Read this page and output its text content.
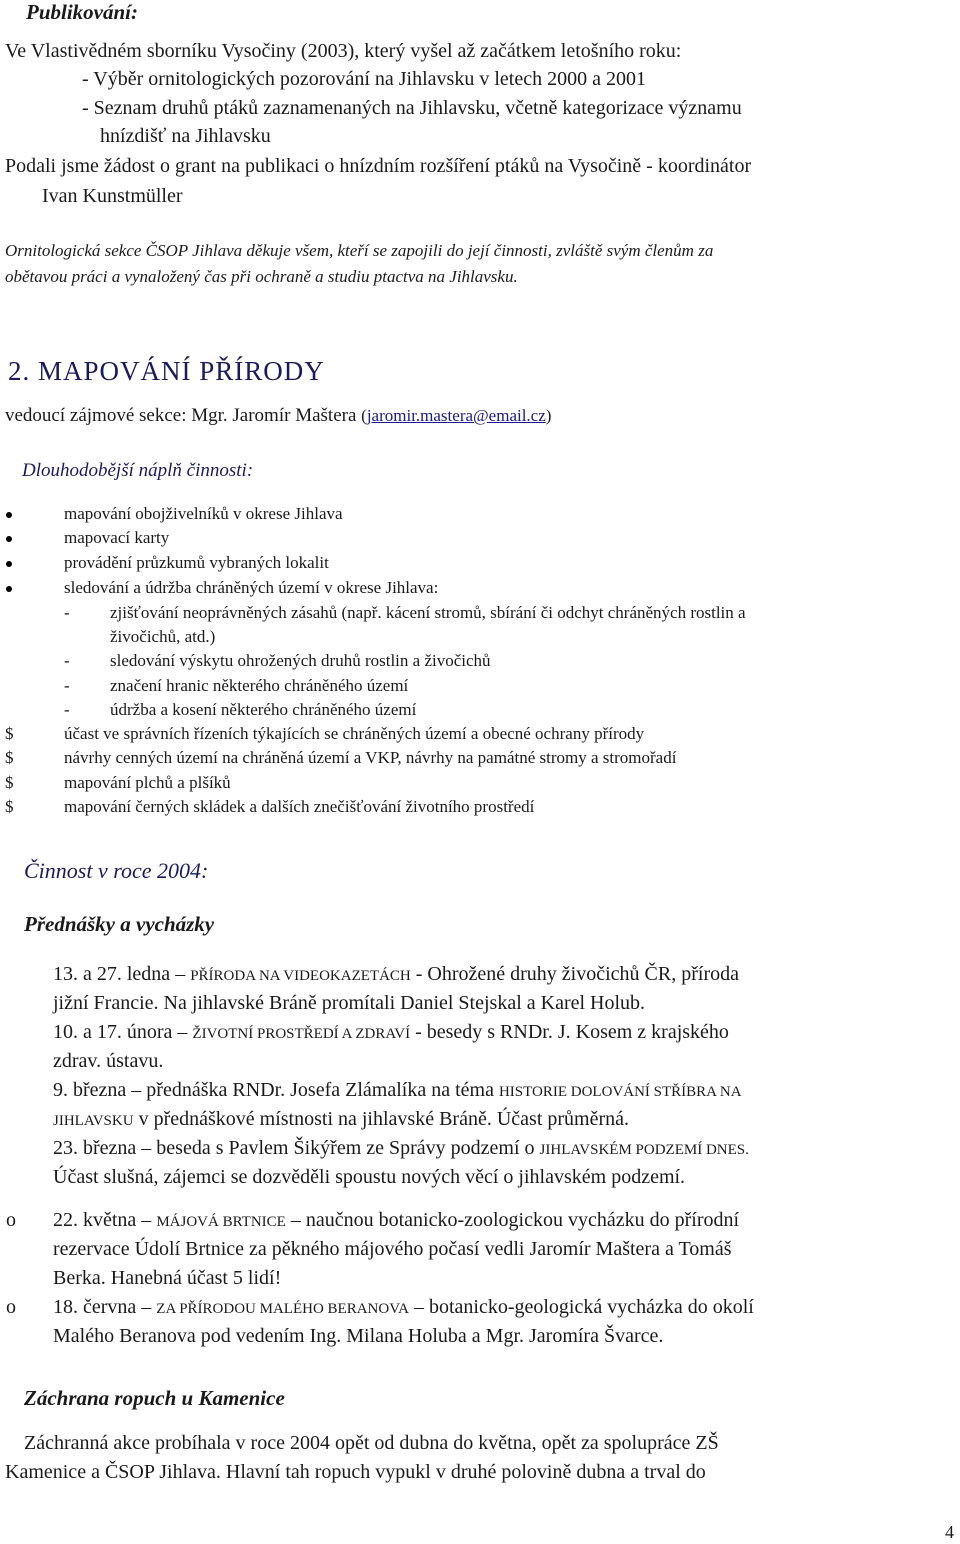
Publikování:
Ve Vlastivědném sborníku Vysočiny (2003), který vyšel až začátkem letošního roku:
- Výběr ornitologických pozorování na Jihlavsku v letech 2000 a 2001
- Seznam druhů ptáků zaznamenaných na Jihlavsku, včetně kategorizace významu
hnízdišť na Jihlavsku
Podali jsme žádost o grant na publikaci o hnízdním rozšíření ptáků na Vysočině - koordinátor
Ivan Kunstmüller
Ornitologická sekce ČSOP Jihlava děkuje všem, kteří se zapojili do její činnosti, zvláště svým členům za
obětavou práci a vynaložený čas při ochraně a studiu ptactva na Jihlavsku.
2. MAPOVÁNÍ PŘÍRODY
vedoucí zájmové sekce: Mgr. Jaromír Maštera (jaromir.mastera@email.cz)
Dlouhodobější náplň činnosti:
mapování obojživelníků v okrese Jihlava
mapovací karty
provádění průzkumů vybraných lokalit
sledování a údržba chráněných území v okrese Jihlava:
- zjišťování neoprávněných zásahů (např. kácení stromů, sbírání či odchyt chráněných rostlin a
živočichů, atd.)
- sledování výskytu ohrožených druhů rostlin a živočichů
- značení hranic některého chráněného území
- údržba a kosení některého chráněného území
$	účast ve správních řízeních týkajících se chráněných území a obecné ochrany přírody
$	návrhy cenných území na chráněná území a VKP, návrhy na památné stromy a stromořadí
$	mapování plchů a plšíků
$	mapování černých skládek a dalších znečišťování životního prostředí
Činnost v roce 2004:
Přednášky a vycházky
13. a 27. ledna – PŘÍRODA NA VIDEOKAZETÁCH - Ohrožené druhy živočichů ČR, příroda
jižní Francie. Na jihlavské Bráně promítali Daniel Stejskal a Karel Holub.
10. a 17. února – ŽIVOTNÍ PROSTŘEDÍ A ZDRAVÍ - besedy s RNDr. J. Kosem z krajského
zdrav. ústavu.
9. března – přednáška RNDr. Josefa Zlámalíka na téma HISTORIE DOLOVÁNÍ STŘÍBRA NA
JIHLAVSKU v přednáškové místnosti na jihlavské Bráně. Účast průměrná.
23. března – beseda s Pavlem Šikýřem ze Správy podzemí o JIHLAVSKÉM PODZEMÍ DNES.
Účast slušná, zájemci se dozvěděli spoustu nových věcí o jihlavském podzemí.
o 22. května – MÁJOVÁ BRTNICE – naučnou botanicko-zoologickou vycházku do přírodní
rezervace Údolí Brtnice za pěkného májového počasí vedli Jaromír Maštera a Tomáš
Berka. Hanebná účast 5 lidí!
o 18. června – ZA PŘÍRODOU MALÉHO BERANOVA – botanicko-geologická vycházka do okolí
Malého Beranova pod vedením Ing. Milana Holuba a Mgr. Jaromíra Švarce.
Záchrana ropuch u Kamenice
Záchranná akce probíhala v roce 2004 opět od dubna do května, opět za spolupráce ZŠ
Kamenice a ČSOP Jihlava. Hlavní tah ropuch vypukl v druhé polovině dubna a trval do
4
